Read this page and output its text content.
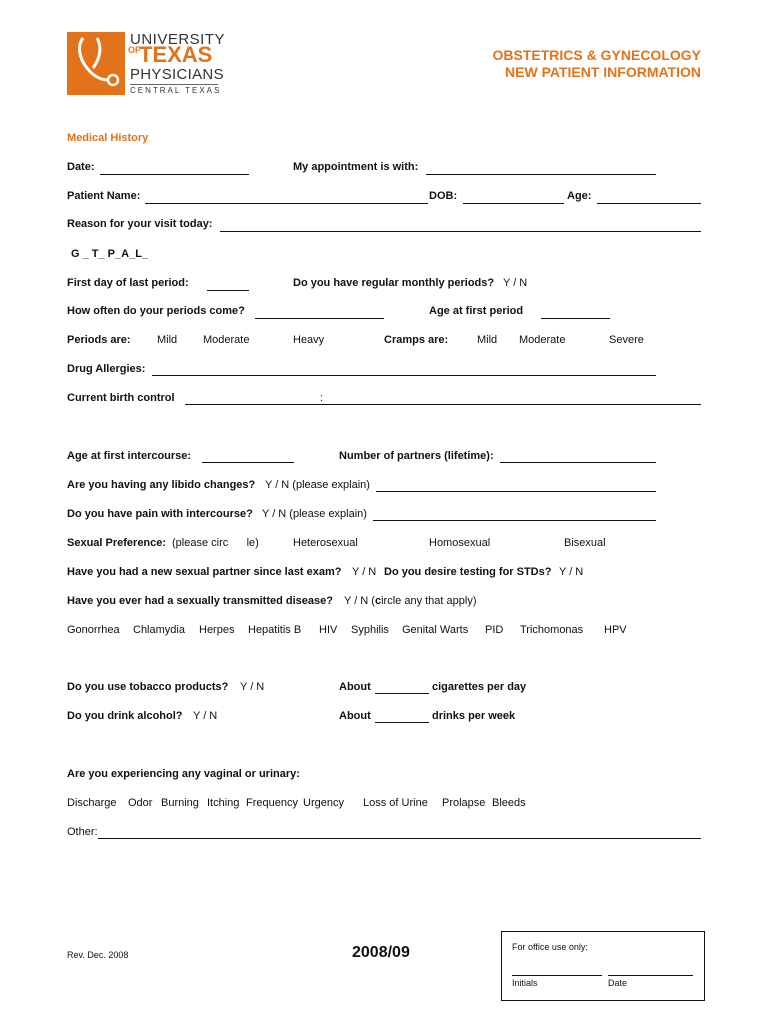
UNIVERSITY
OF
TEXAS
PHYSICIANS
CENTRAL TEXAS
OBSTETRICS & GYNECOLOGY
NEW PATIENT INFORMATION
Medical History
Date:	My appointment is with:
Patient Name:	DOB:	Age:
Reason for your visit today:
G _ T_ P_A_L_
First day of last period:	Do you have regular monthly periods? Y / N
How often do your periods come?	Age at first period
Periods are: Mild Moderate	Heavy	Cramps are:	Mild Moderate	Severe
Drug Allergies:
Current birth control	:
Age at first intercourse:	Number of partners (lifetime):
Are you having any libido changes? Y / N (please explain)
Do you have pain with intercourse? Y / N (please explain)
Sexual Preference: (please circ      le)	Heterosexual	Homosexual	Bisexual
Have you had a new sexual partner since last exam? Y / N Do you desire testing for STDs? Y / N
Have you ever had a sexually transmitted disease? Y / N (circle any that apply)
Gonorrhea Chlamydia Herpes Hepatitis B HIV Syphilis Genital Warts PID Trichomonas HPV
Do you use tobacco products? Y / N	About	cigarettes per day
Do you drink alcohol? Y / N	About	drinks per week
Are you experiencing any vaginal or urinary:
Discharge Odor Burning Itching Frequency Urgency Loss of Urine Prolapse Bleeds
Other:
Rev. Dec. 2008	2008/09	For office use only:
Initials	Date
